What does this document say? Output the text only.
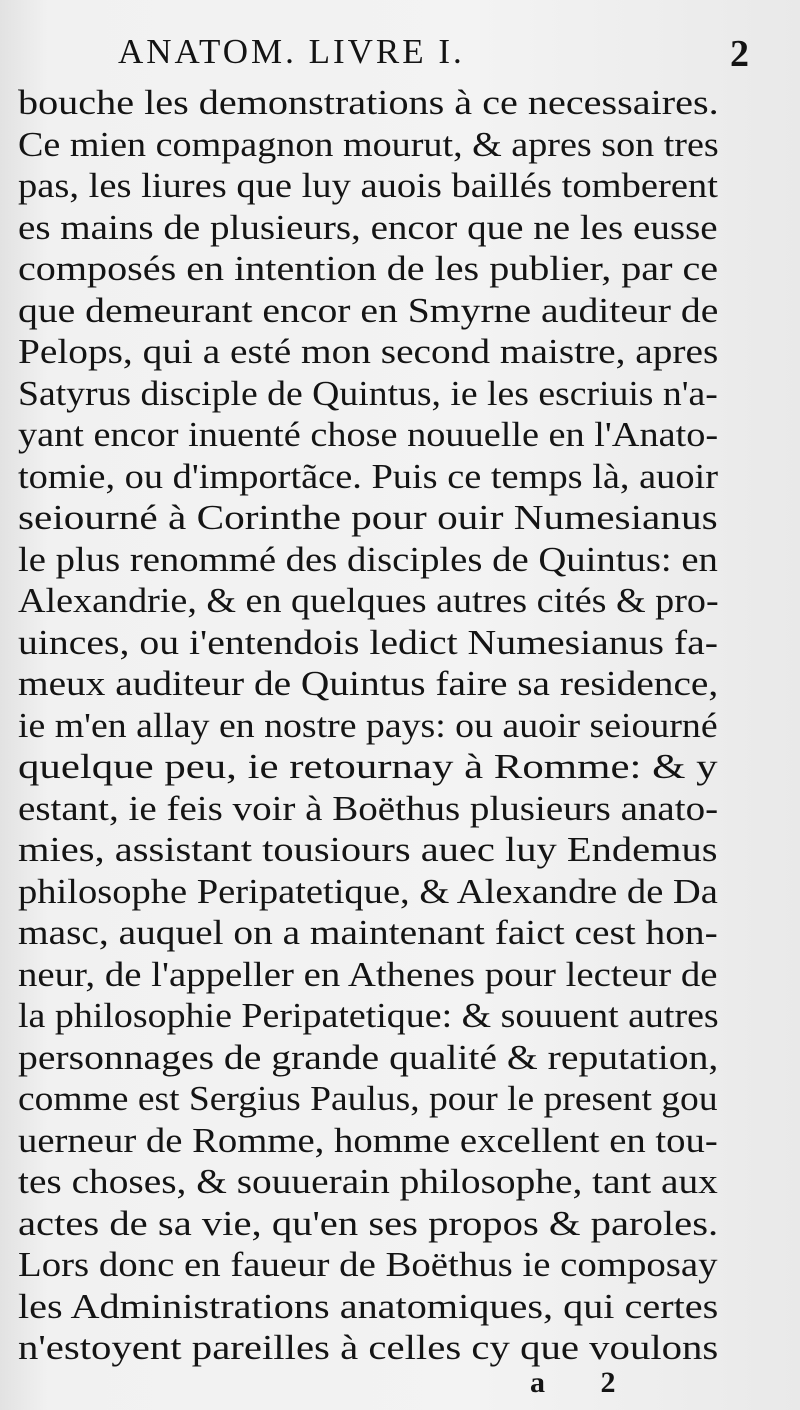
ANATOM. LIVRE I.	2
bouche les demonstrations à ce necessaires.
Ce mien compagnon mourut, & apres son tres
pas, les liures que luy auois baillés tomberent
es mains de plusieurs, encor que ne les eusse
composés en intention de les publier, par ce
que demeurant encor en Smyrne auditeur de
Pelops, qui a esté mon second maistre, apres
Satyrus disciple de Quintus, ie les escriuis n'a-
yant encor inuenté chose nouuelle en l'Anato-
tomie, ou d'importãce. Puis ce temps là, auoir
seiourné à Corinthe pour ouir Numesianus
le plus renommé des disciples de Quintus: en
Alexandrie, & en quelques autres cités & pro-
uinces, ou i'entendois ledict Numesianus fa-
meux auditeur de Quintus faire sa residence,
ie m'en allay en nostre pays: ou auoir seiourné
quelque peu, ie retournay à Romme: & y
estant, ie feis voir à Boëthus plusieurs anato-
mies, assistant tousiours auec luy Endemus
philosophe Peripatetique, & Alexandre de Da
masc, auquel on a maintenant faict cest hon-
neur, de l'appeller en Athenes pour lecteur de
la philosophie Peripatetique: & souuent autres
personnages de grande qualité & reputation,
comme est Sergius Paulus, pour le present gou
uerneur de Romme, homme excellent en tou-
tes choses, & souuerain philosophe, tant aux
actes de sa vie, qu'en ses propos & paroles.
Lors donc en faueur de Boëthus ie composay
les Administrations anatomiques, qui certes
n'estoyent pareilles à celles cy que voulons
a 2
